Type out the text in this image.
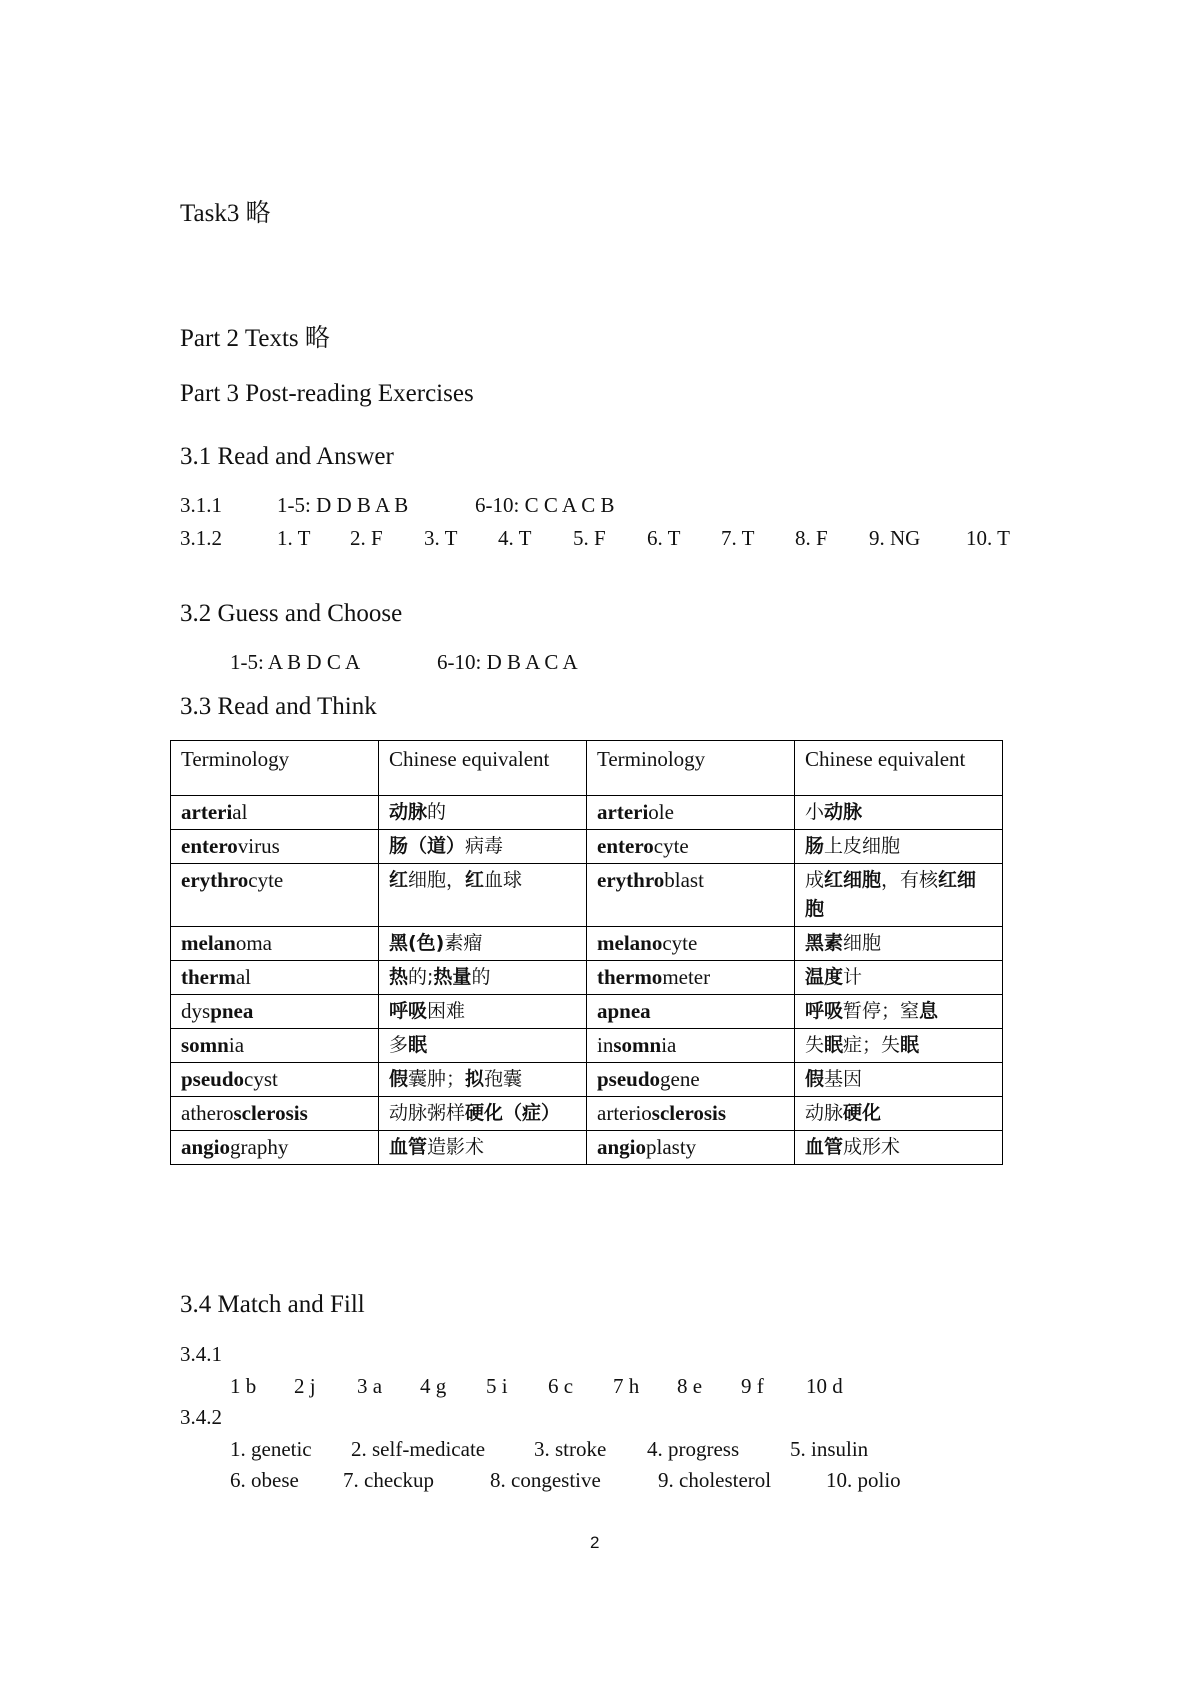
Task3 略
Part 2 Texts 略
Part 3 Post-reading Exercises
3.1 Read and Answer
3.1.1	1-5: D D B A B	6-10: C C A C B
3.1.2	1. T 2. F 3. T 4. T 5. F 6. T 7. T 8. F 9. NG 10. T
3.2 Guess and Choose
1-5: A B D C A	6-10: D B A C A
3.3 Read and Think
Terminology	Chinese equivalent	Terminology	Chinese equivalent
arterial	动脉的	arteriole	小动脉
enterovirus	肠（道）病毒	enterocyte	肠上皮细胞
erythrocyte	红细胞，红血球	erythroblast	成红细胞，有核红细胞
melanoma	黑(色)素瘤	melanocyte	黑素细胞
thermal	热的;热量的	thermometer	温度计
dyspnea	呼吸困难	apnea	呼吸暂停；窒息
somnia	多眠	insomnia	失眠症；失眠
pseudocyst	假囊肿；拟孢囊	pseudogene	假基因
atherosclerosis	动脉粥样硬化（症）	arteriosclerosis	动脉硬化
angiography	血管造影术	angioplasty	血管成形术
3.4 Match and Fill
3.4.1
1 b 2 j 3 a 4 g 5 i 6 c 7 h 8 e 9 f 10 d
3.4.2
1. genetic 2. self-medicate 3. stroke 4. progress 5. insulin
6. obese 7. checkup	8. congestive	9. cholesterol	10. polio
2
